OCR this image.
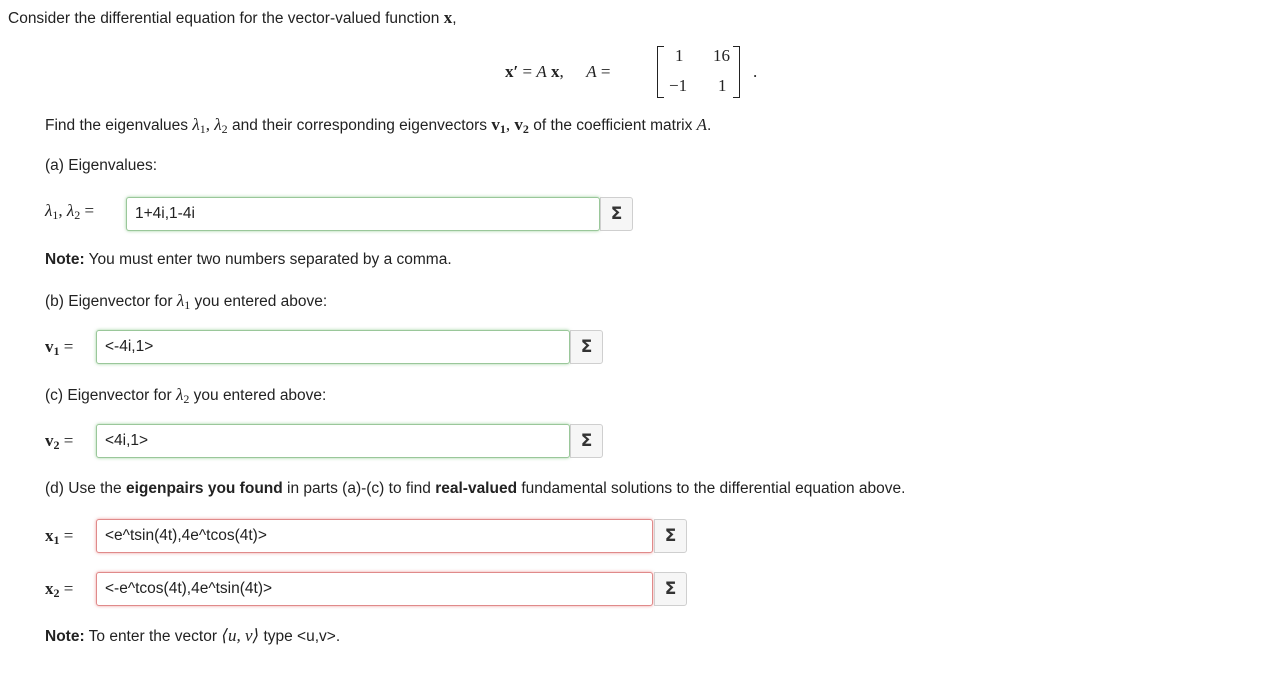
Consider the differential equation for the vector-valued function x,
x′ = A x, A =
1 16
−1 1
.
Find the eigenvalues $\lambda_1$, $\lambda_2$ and their corresponding eigenvectors $v_1$, $v_2$ of the coefficient matrix A.
(a) Eigenvalues:
$\lambda_1$, $\lambda_2$ =
1+4i,1-4i	Σ
Note: You must enter two numbers separated by a comma.
(b) Eigenvector for $\lambda_1$ you entered above:
$v_1$ =
<-4i,1>	Σ
(c) Eigenvector for $\lambda_2$ you entered above:
$v_2$ =
<4i,1>	Σ
(d) Use the eigenpairs you found in parts (a)-(c) to find real-valued fundamental solutions to the differential equation above.
$x_1$ =
<e^tsin(4t),4e^tcos(4t)>	Σ
$x_2$ =
<-e^tcos(4t),4e^tsin(4t)>	Σ
Note: To enter the vector ⟨u, v⟩ type <u,v>.
